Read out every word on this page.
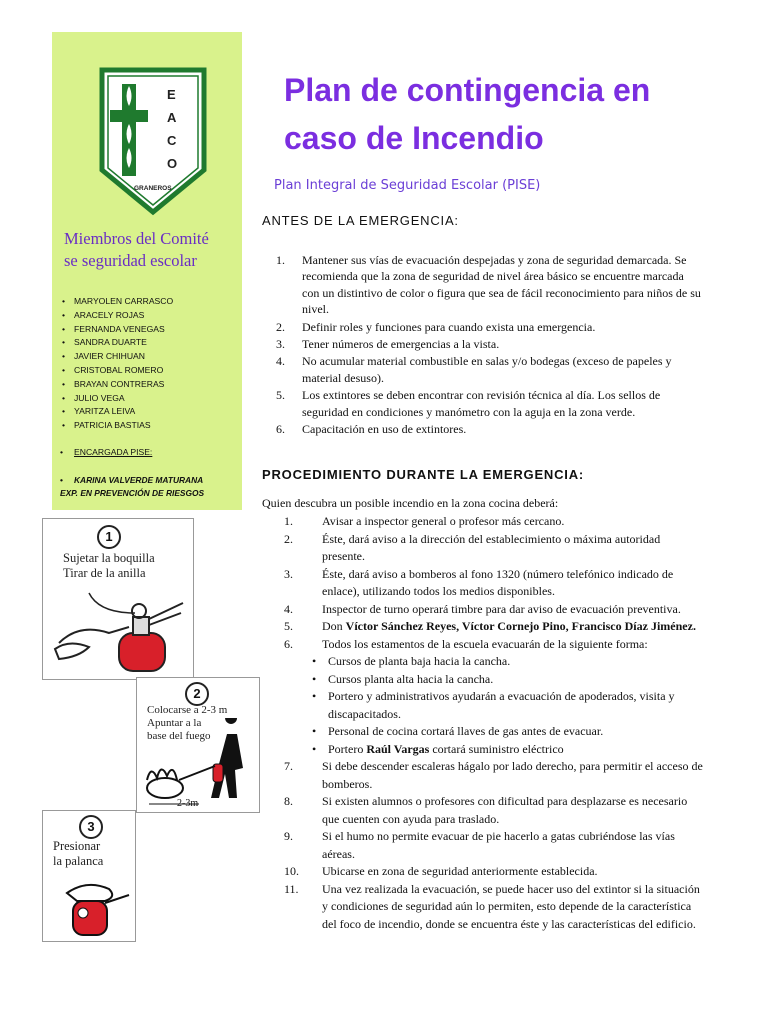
E
A
C
O
GRANEROS
Plan de contingencia en
caso de Incendio
Plan Integral de Seguridad Escolar (PISE)
Miembros del Comité
se seguridad escolar
• MARYOLEN CARRASCO
• ARACELY ROJAS
• FERNANDA VENEGAS
• SANDRA DUARTE
• JAVIER CHIHUAN
• CRISTOBAL ROMERO
• BRAYAN CONTRERAS
• JULIO VEGA
• YARITZA LEIVA
• PATRICIA BASTIAS
• ENCARGADA PISE:
• KARINA VALVERDE MATURANA
EXP. EN PREVENCIÓN DE RIESGOS
1
Sujetar la boquilla
Tirar de la anilla
2
Colocarse a 2-3 m
Apuntar a la
base del fuego
2-3m
3
Presionar
la palanca
ANTES DE LA EMERGENCIA:
1. Mantener sus vías de evacuación despejadas y zona de seguridad demarcada. Se recomienda que la zona de seguridad de nivel área básico se encuentre marcada con un distintivo de color o figura que sea de fácil reconocimiento para niños de su nivel.
2. Definir roles y funciones para cuando exista una emergencia.
3. Tener números de emergencias a la vista.
4. No acumular material combustible en salas y/o bodegas (exceso de papeles y material desuso).
5. Los extintores se deben encontrar con revisión técnica al día. Los sellos de seguridad en condiciones y manómetro con la aguja en la zona verde.
6. Capacitación en uso de extintores.
PROCEDIMIENTO DURANTE LA EMERGENCIA:
Quien descubra un posible incendio en la zona cocina deberá:
1. Avisar a inspector general o profesor más cercano.
2. Éste, dará aviso a la dirección del establecimiento o máxima autoridad presente.
3. Éste, dará aviso a bomberos al fono 1320 (número telefónico indicado de enlace), utilizando todos los medios disponibles.
4. Inspector de turno operará timbre para dar aviso de evacuación preventiva.
5. Don Víctor Sánchez Reyes, Víctor Cornejo Pino, Francisco Díaz Jiménez.
6. Todos los estamentos de la escuela evacuarán de la siguiente forma:
• Cursos de planta baja hacia la cancha.
• Cursos planta alta hacia la cancha.
• Portero y administrativos ayudarán a evacuación de apoderados, visita y discapacitados.
• Personal de cocina cortará llaves de gas antes de evacuar.
• Portero Raúl Vargas cortará suministro eléctrico
7. Si debe descender escaleras hágalo por lado derecho, para permitir el acceso de bomberos.
8. Si existen alumnos o profesores con dificultad para desplazarse es necesario que cuenten con ayuda para traslado.
9. Si el humo no permite evacuar de pie hacerlo a gatas cubriéndose las vías aéreas.
10. Ubicarse en zona de seguridad anteriormente establecida.
11. Una vez realizada la evacuación, se puede hacer uso del extintor si la situación y condiciones de seguridad aún lo permiten, esto depende de la característica del foco de incendio, donde se encuentra éste y las características del edificio.
